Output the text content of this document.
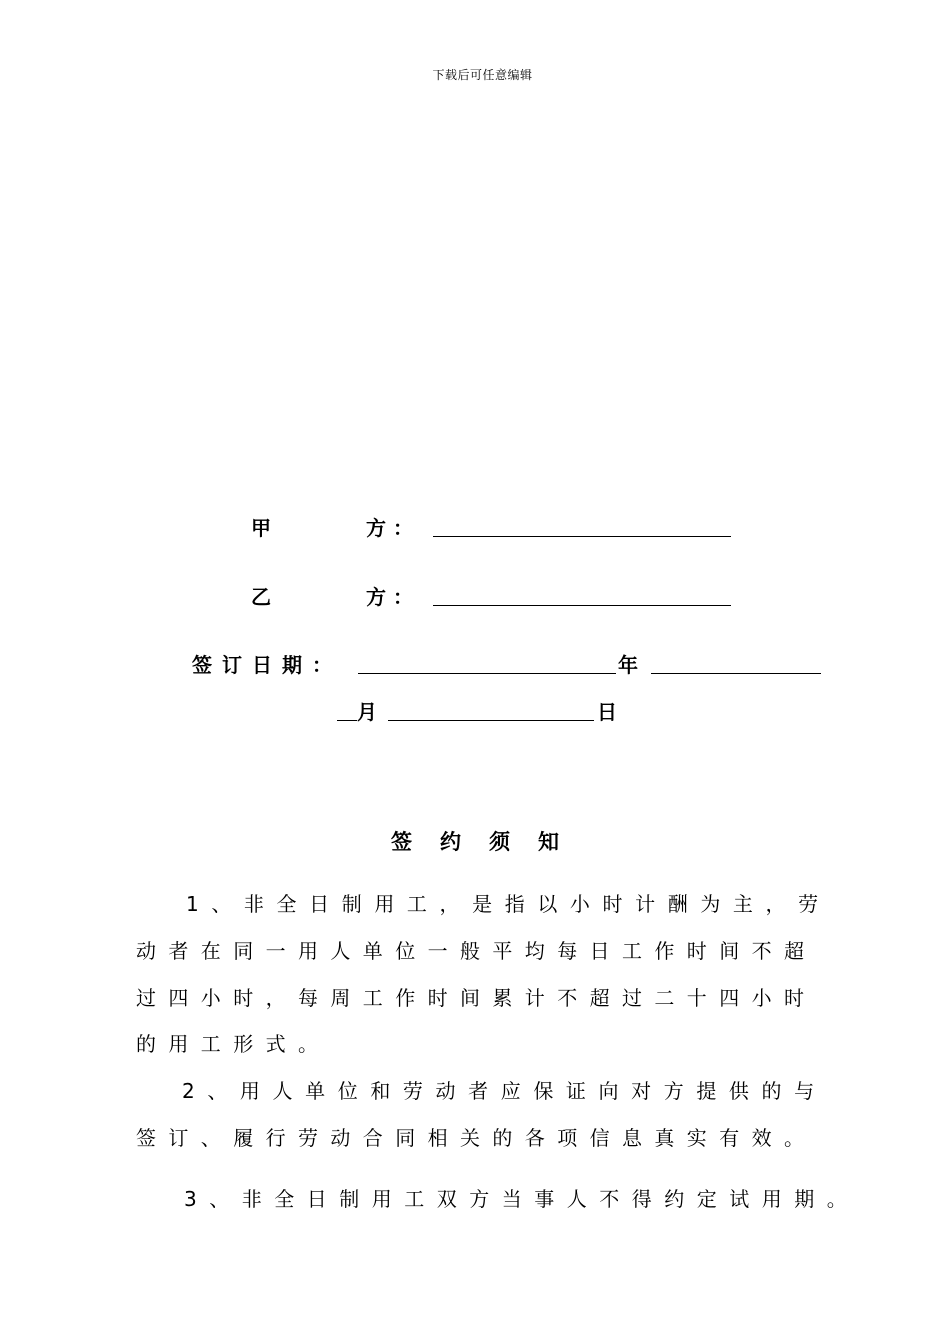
下载后可任意编辑
甲	方 ：
乙	方 ：
签订日期：	年
月	日
签约须知
1、非全日制用工，是指以小时计酬为主，劳
动者在同一用人单位一般平均每日工作时间不超
过四小时，每周工作时间累计不超过二十四小时
的用工形式。
2、用人单位和劳动者应保证向对方提供的与
签订、履行劳动合同相关的各项信息真实有效。
3、非全日制用工双方当事人不得约定试用期。
